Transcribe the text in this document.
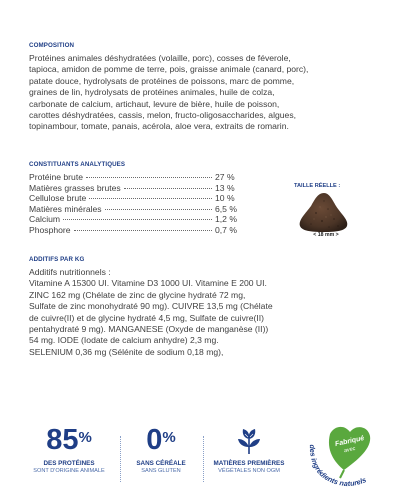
COMPOSITION
Protéines animales déshydratées (volaille, porc), cosses de féverole,
tapioca, amidon de pomme de terre, pois, graisse animale (canard, porc),
patate douce, hydrolysats de protéines de poissons, marc de pomme,
graines de lin, hydrolysats de protéines animales, huile de colza,
carbonate de calcium, artichaut, levure de bière, huile de poisson,
carottes déshydratées, cassis, melon, fructo-oligosaccharides, algues,
topinambour, tomate, panais, acérola, aloe vera, extraits de romarin.
CONSTITUANTS ANALYTIQUES
Protéine brute	27 %
Matières grasses brutes	13 %
Cellulose brute	10 %
Matières minérales	6,5 %
Calcium	1,2 %
Phosphore	0,7 %
TAILLE RÉELLE :
< 18 mm >
ADDITIFS PAR KG
Additifs nutritionnels :
Vitamine A 15300 UI. Vitamine D3 1000 UI. Vitamine E 200 UI.
ZINC 162 mg (Chélate de zinc de glycine hydraté 72 mg,
Sulfate de zinc monohydraté 90 mg). CUIVRE 13,5 mg (Chélate
de cuivre(II) et de glycine hydraté 4,5 mg, Sulfate de cuivre(II)
pentahydraté 9 mg). MANGANESE (Oxyde de manganèse (II))
54 mg. IODE (Iodate de calcium anhydre) 2,3 mg.
SELENIUM 0,36 mg (Sélénite de sodium 0,18 mg),
85%
DES PROTÉINES
SONT D'ORIGINE ANIMALE
0%
SANS CÉRÉALE
SANS GLUTEN
MATIÈRES PREMIÈRES
VÉGÉTALES NON OGM
Fabriqué
avec
des ingrédients naturels
